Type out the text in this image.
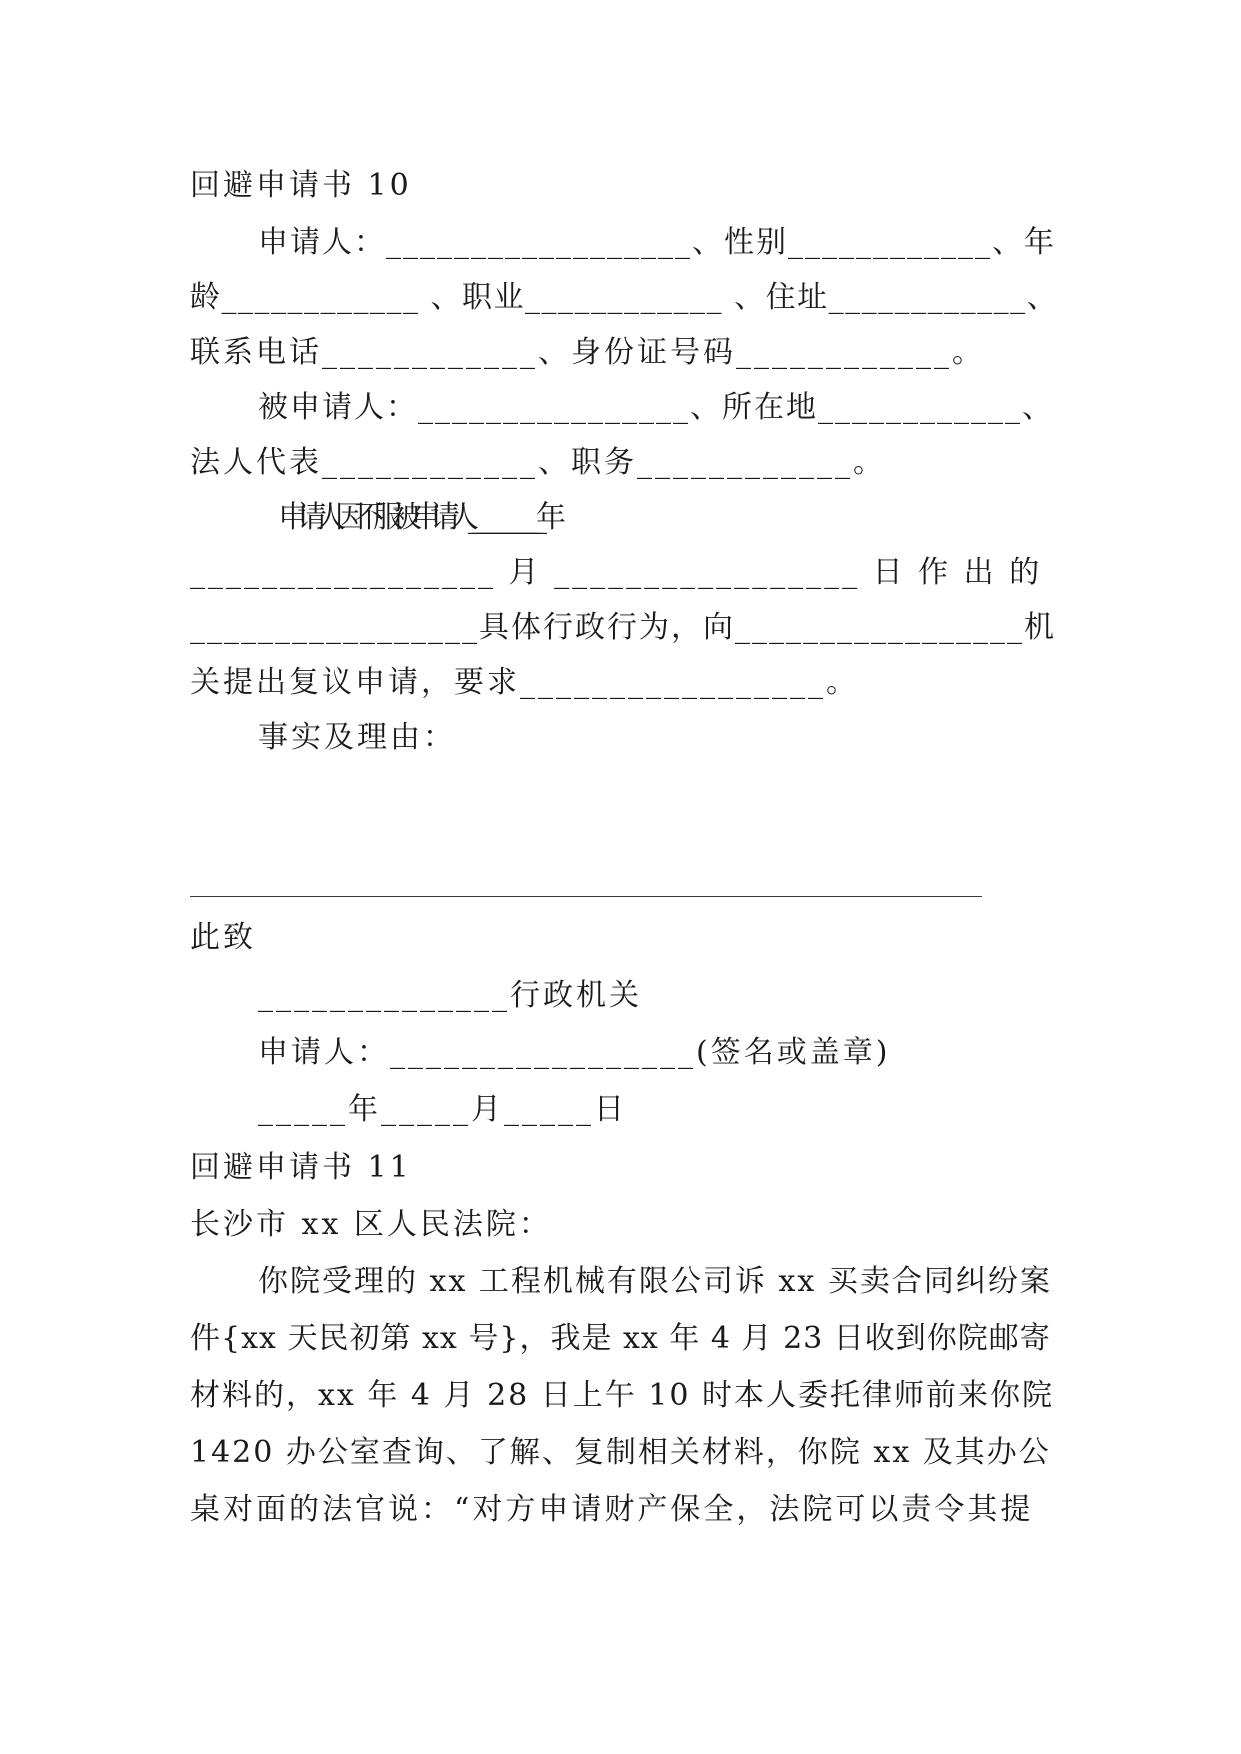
回避申请书 10
申请人：__________________、性别____________、年
龄____________ 、职业____________ 、住址____________、
联系电话____________、身份证号码____________。
被申请人：________________、所在地____________、
法人代表____________、职务____________。
申请人因不服被申请人_________________年
_________________ 月 _________________ 日 作 出 的
_________________具体行政行为，向_________________机
关提出复议申请，要求_________________。
事实及理由：
此致
______________行政机关
申请人：_________________(签名或盖章)
_____年_____月_____日
回避申请书 11
长沙市 xx 区人民法院：
你院受理的 xx 工程机械有限公司诉 xx 买卖合同纠纷案
件{xx 天民初第 xx 号}，我是 xx 年 4 月 23 日收到你院邮寄
材料的，xx 年 4 月 28 日上午 10 时本人委托律师前来你院
1420 办公室查询、了解、复制相关材料，你院 xx 及其办公
桌对面的法官说：“对方申请财产保全，法院可以责令其提
